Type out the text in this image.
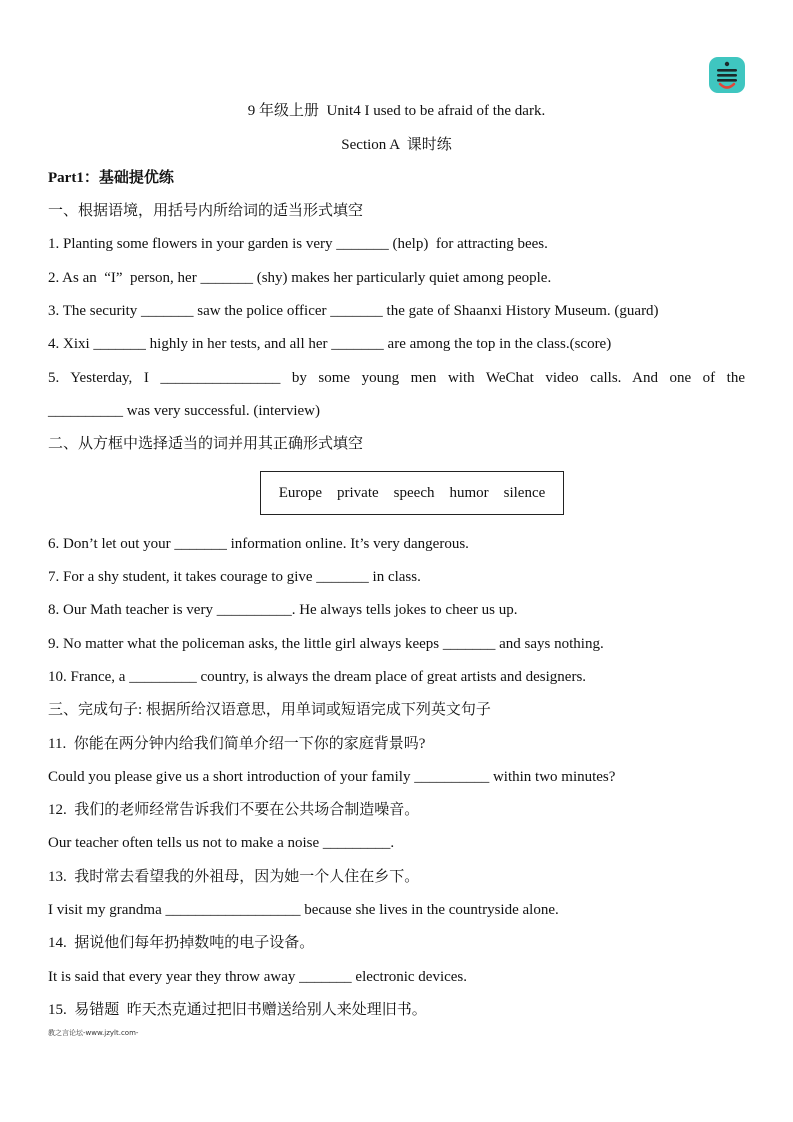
9 年级上册  Unit4 I used to be afraid of the dark.
Section A  课时练
Part1：基础提优练
一、根据语境，用括号内所给词的适当形式填空
1. Planting some flowers in your garden is very _______ (help)  for attracting bees.
2. As an  “I”  person, her _______ (shy) makes her particularly quiet among people.
3. The security _______ saw the police officer _______ the gate of Shaanxi History Museum. (guard)
4. Xixi _______ highly in her tests, and all her _______ are among the top in the class.(score)
5. Yesterday, I ________________ by some young men with WeChat video calls. And one of the
__________ was very successful. (interview)
二、从方框中选择适当的词并用其正确形式填空
Europe    private    speech    humor    silence
6. Don’t let out your _______ information online. It’s very dangerous.
7. For a shy student, it takes courage to give _______ in class.
8. Our Math teacher is very __________. He always tells jokes to cheer us up.
9. No matter what the policeman asks, the little girl always keeps _______ and says nothing.
10. France, a _________ country, is always the dream place of great artists and designers.
三、完成句子: 根据所给汉语意思，用单词或短语完成下列英文句子
11.  你能在两分钟内给我们简单介绍一下你的家庭背景吗?
Could you please give us a short introduction of your family __________ within two minutes?
12.  我们的老师经常告诉我们不要在公共场合制造噪音。
Our teacher often tells us not to make a noise _________.
13.  我时常去看望我的外祖母，因为她一个人住在乡下。
I visit my grandma __________________ because she lives in the countryside alone.
14.  据说他们每年扔掉数吨的电子设备。
It is said that every year they throw away _______ electronic devices.
15.  易错题  昨天杰克通过把旧书赠送给别人来处理旧书。
教之言论坛-www.jzylt.com-
